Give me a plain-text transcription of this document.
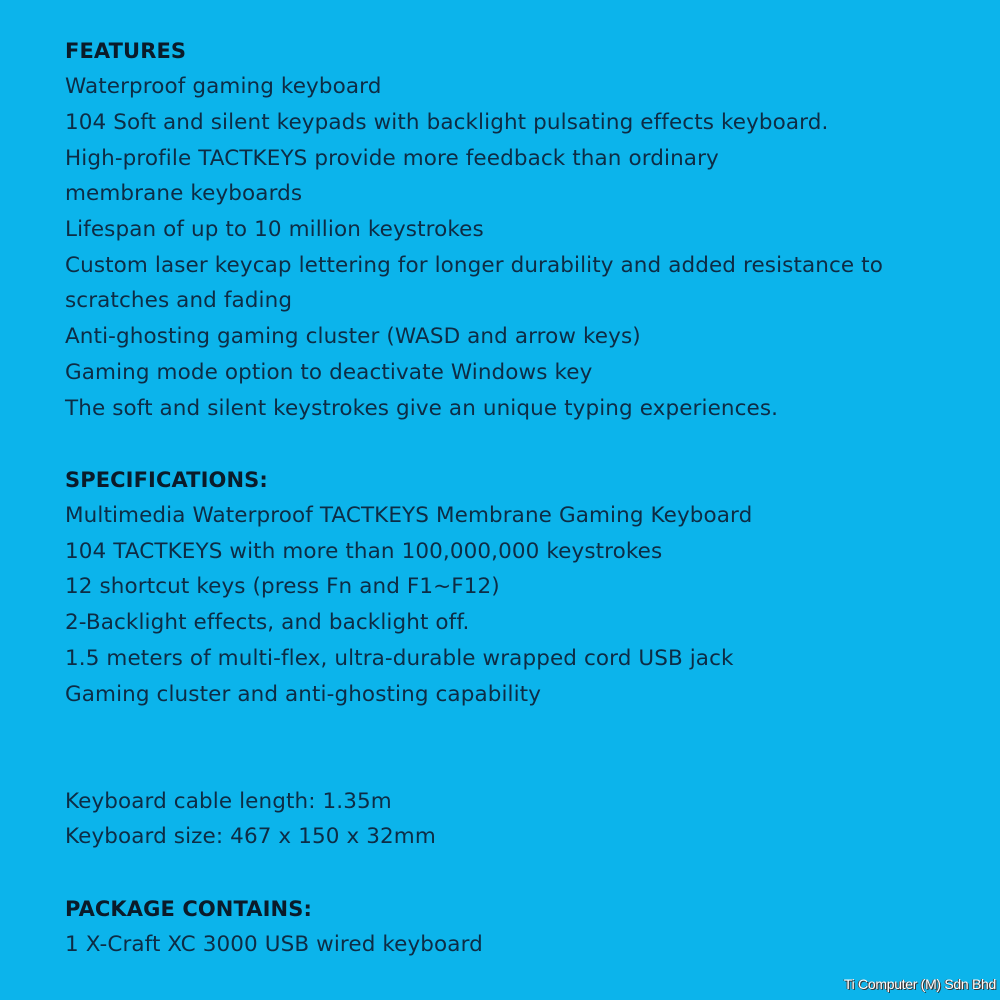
FEATURES
Waterproof gaming keyboard
104 Soft and silent keypads with backlight pulsating effects keyboard.
High-profile TACTKEYS provide more feedback than ordinary
membrane keyboards
Lifespan of up to 10 million keystrokes
Custom laser keycap lettering for longer durability and added resistance to
scratches and fading
Anti-ghosting gaming cluster (WASD and arrow keys)
Gaming mode option to deactivate Windows key
The soft and silent keystrokes give an unique typing experiences.
SPECIFICATIONS:
Multimedia Waterproof TACTKEYS Membrane Gaming Keyboard
104 TACTKEYS with more than 100,000,000 keystrokes
12 shortcut keys (press Fn and F1~F12)
2-Backlight effects, and backlight off.
1.5 meters of multi-flex, ultra-durable wrapped cord USB jack
Gaming cluster and anti-ghosting capability
Keyboard cable length: 1.35m
Keyboard size: 467 x 150 x 32mm
PACKAGE CONTAINS:
1 X-Craft XC 3000 USB wired keyboard
Ti Computer (M) Sdn Bhd
